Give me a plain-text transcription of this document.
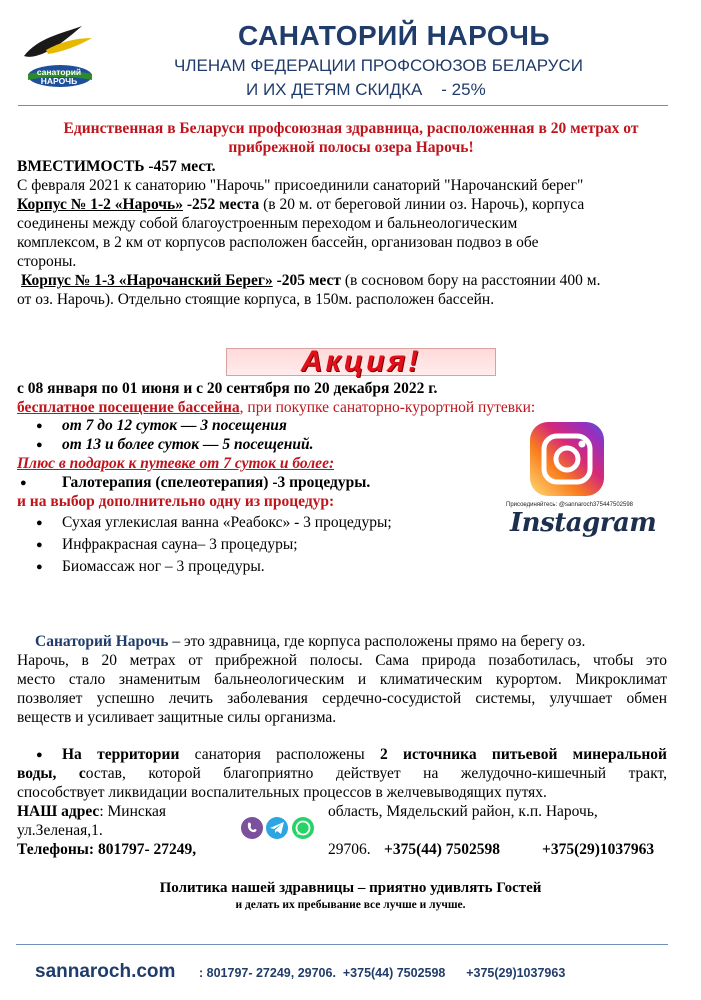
санаторий НАРОЧЬ
САНАТОРИЙ НАРОЧЬ
ЧЛЕНАМ ФЕДЕРАЦИИ ПРОФСОЮЗОВ БЕЛАРУСИ
И ИХ ДЕТЯМ СКИДКА    - 25%
Единственная в Беларуси профсоюзная здравница, расположенная в 20 метрах от прибрежной полосы озера Нарочь!
ВМЕСТИМОСТЬ -457 мест.
С февраля 2021 к санаторию "Нарочь" присоединили санаторий "Нарочанский берег"
Корпус № 1-2 «Нарочь» -252 места (в 20 м. от береговой линии оз. Нарочь), корпуса
соединены между собой благоустроенным переходом и бальнеологическим
комплексом, в 2 км от корпусов расположен бассейн, организован подвоз в обе
стороны.
Корпус № 1-3 «Нарочанский Берег» -205 мест (в сосновом бору на расстоянии 400 м.
от оз. Нарочь). Отдельно стоящие корпуса, в 150м. расположен бассейн.
Акция!
с 08 января по 01 июня и с 20 сентября по 20 декабря 2022 г.
бесплатное посещение бассейна, при покупке санаторно-курортной путевки:
● от 7 до 12 суток — 3 посещения
● от 13 и более суток — 5 посещений.
Плюс в подарок к путевке от 7 суток и более:
● Галотерапия (спелеотерапия) -3 процедуры.
и на выбор дополнительно одну из процедур:
● Сухая углекислая ванна «Реабокс» - 3 процедуры;
● Инфракрасная сауна– 3 процедуры;
● Биомассаж ног – 3 процедуры.
Присоединяйтесь: @sannaroch375447502598
Instagram
Санаторий Нарочь – это здравница, где корпуса расположены прямо на берегу оз.
Нарочь, в 20 метрах от прибрежной полосы. Сама природа позаботилась, чтобы это
место стало знаменитым бальнеологическим и климатическим курортом. Микроклимат
позволяет успешно лечить заболевания сердечно-сосудистой системы, улучшает обмен
веществ и усиливает защитные силы организма.
● На территории санатория расположены 2 источника питьевой минеральной
воды, состав, которой благоприятно действует на желудочно-кишечный тракт,
способствует ликвидации воспалительных процессов в желчевыводящих путях.
НАШ адрес: Минская	область, Мядельский район, к.п. Нарочь,
ул.Зеленая,1.
Телефоны: 801797- 27249,	29706. +375(44) 7502598	+375(29)1037963
Политика нашей здравницы – приятно удивлять Гостей
и делать их пребывание все лучше и лучше.
sannaroch.com : 801797- 27249, 29706.  +375(44) 7502598      +375(29)1037963
